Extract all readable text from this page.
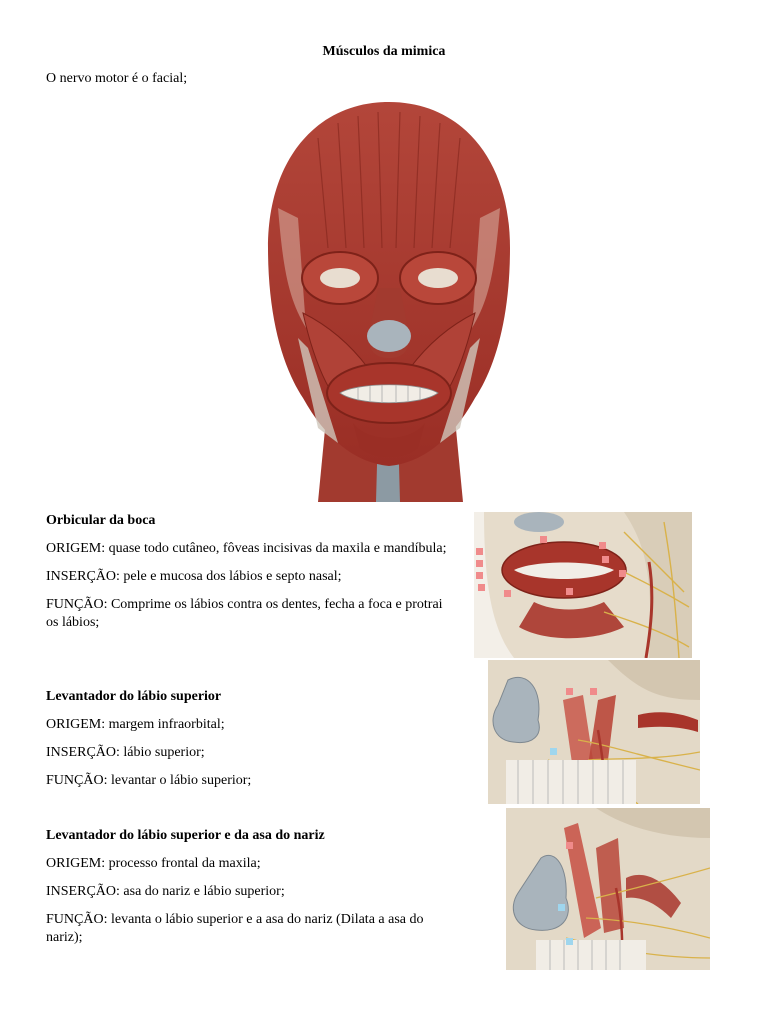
Músculos da mimica
O nervo motor é o facial;
Orbicular da boca

ORIGEM: quase todo cutâneo, fôveas incisivas da maxila e mandíbula;

INSERÇÃO: pele e mucosa dos lábios e septo nasal;

FUNÇÃO: Comprime os lábios contra os dentes, fecha a foca e protrai os lábios;

Levantador do lábio superior

ORIGEM: margem infraorbital;

INSERÇÃO: lábio superior;

FUNÇÃO: levantar o lábio superior;

Levantador do lábio superior e da asa do nariz

ORIGEM: processo frontal da maxila;

INSERÇÃO: asa do nariz e lábio superior;

FUNÇÃO: levanta o lábio superior e a asa do nariz (Dilata a asa do nariz);
